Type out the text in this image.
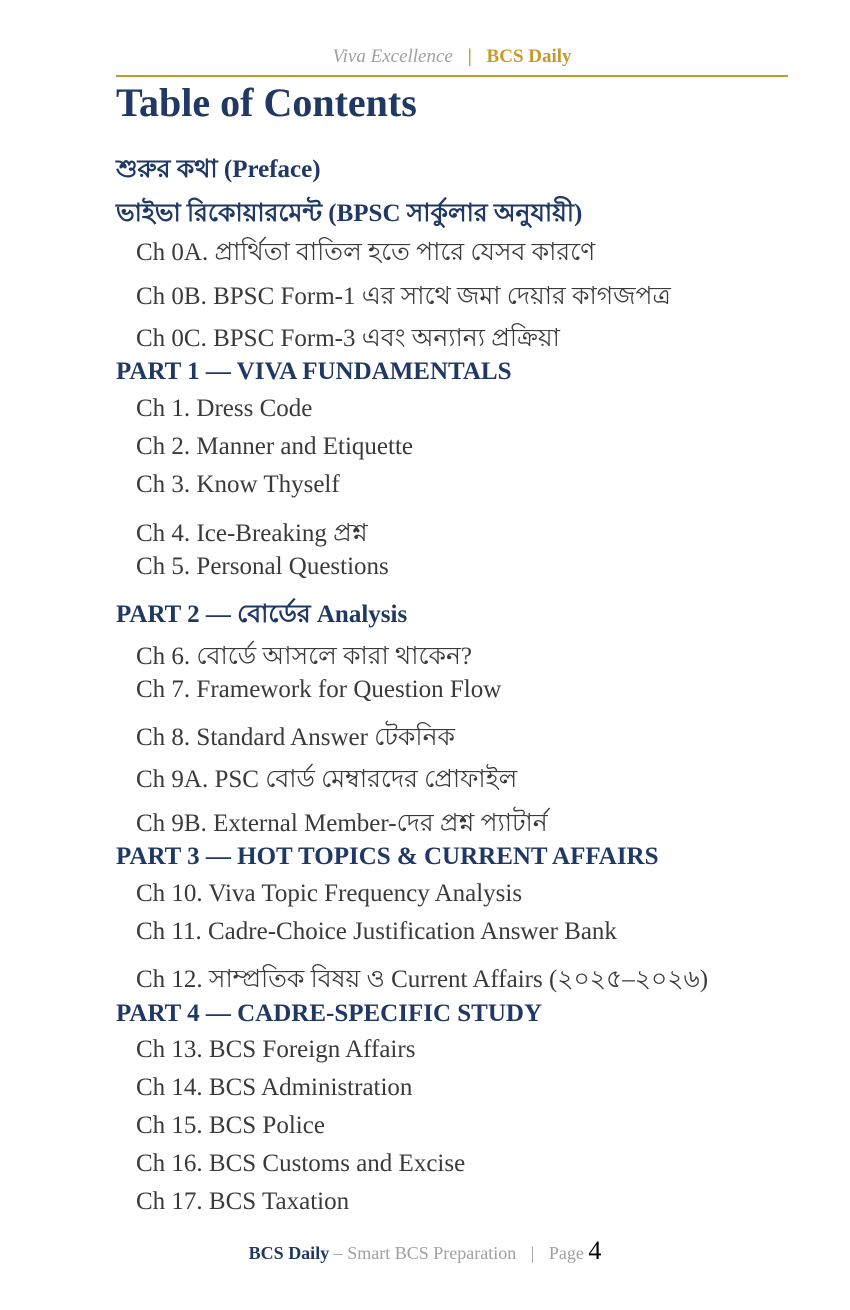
Viva Excellence | BCS Daily
Table of Contents
শুরুর কথা (Preface)
ভাইভা রিকোয়ারমেন্ট (BPSC সার্কুলার অনুযায়ী)
Ch 0A. প্রার্থিতা বাতিল হতে পারে যেসব কারণে
Ch 0B. BPSC Form-1 এর সাথে জমা দেয়ার কাগজপত্র
Ch 0C. BPSC Form-3 এবং অন্যান্য প্রক্রিয়া
PART 1 — VIVA FUNDAMENTALS
Ch 1. Dress Code
Ch 2. Manner and Etiquette
Ch 3. Know Thyself
Ch 4. Ice-Breaking প্রশ্ন
Ch 5. Personal Questions
PART 2 — বোর্ডের Analysis
Ch 6. বোর্ডে আসলে কারা থাকেন?
Ch 7. Framework for Question Flow
Ch 8. Standard Answer টেকনিক
Ch 9A. PSC বোর্ড মেম্বারদের প্রোফাইল
Ch 9B. External Member-দের প্রশ্ন প্যাটার্ন
PART 3 — HOT TOPICS & CURRENT AFFAIRS
Ch 10. Viva Topic Frequency Analysis
Ch 11. Cadre-Choice Justification Answer Bank
Ch 12. সাম্প্রতিক বিষয় ও Current Affairs (২০২৫–২০২৬)
PART 4 — CADRE-SPECIFIC STUDY
Ch 13. BCS Foreign Affairs
Ch 14. BCS Administration
Ch 15. BCS Police
Ch 16. BCS Customs and Excise
Ch 17. BCS Taxation
BCS Daily – Smart BCS Preparation | Page 4
